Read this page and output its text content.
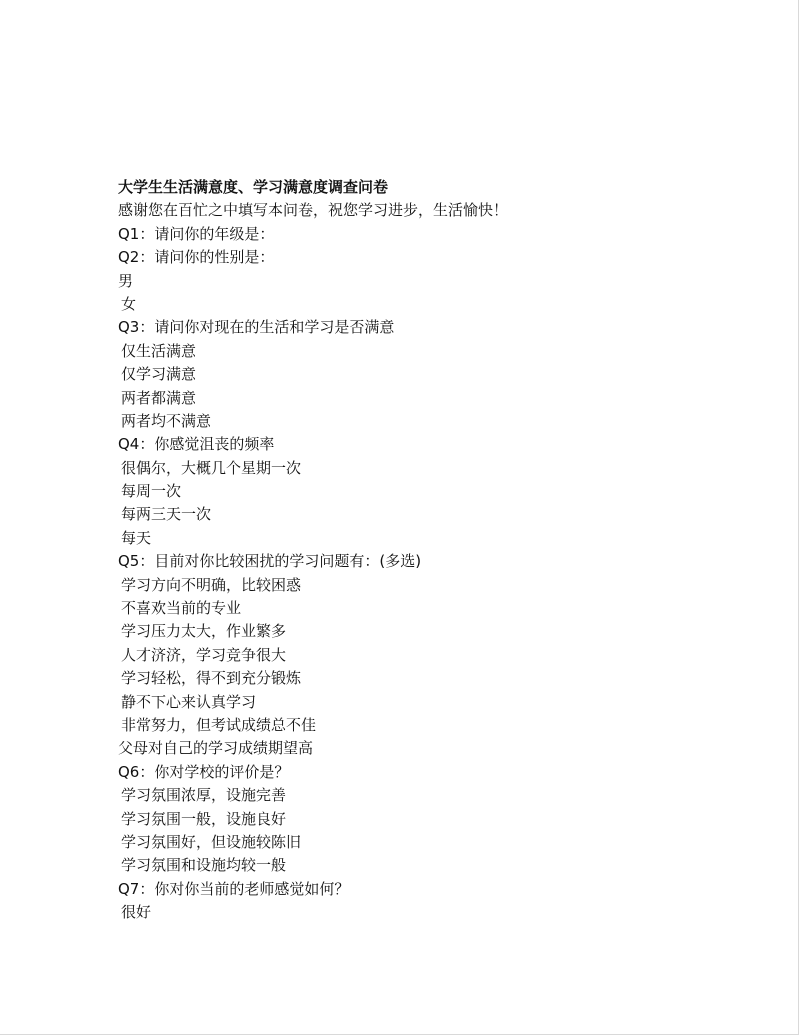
大学生生活满意度、学习满意度调查问卷
感谢您在百忙之中填写本问卷，祝您学习进步，生活愉快！
Q1：请问你的年级是：
Q2：请问你的性别是：
男
女
Q3：请问你对现在的生活和学习是否满意
仅生活满意
仅学习满意
两者都满意
两者均不满意
Q4：你感觉沮丧的频率
很偶尔，大概几个星期一次
每周一次
每两三天一次
每天
Q5：目前对你比较困扰的学习问题有：(多选)
学习方向不明确，比较困惑
不喜欢当前的专业
学习压力太大，作业繁多
人才济济，学习竞争很大
学习轻松，得不到充分锻炼
静不下心来认真学习
非常努力，但考试成绩总不佳
父母对自己的学习成绩期望高
Q6：你对学校的评价是？
学习氛围浓厚，设施完善
学习氛围一般，设施良好
学习氛围好，但设施较陈旧
学习氛围和设施均较一般
Q7：你对你当前的老师感觉如何？
很好
